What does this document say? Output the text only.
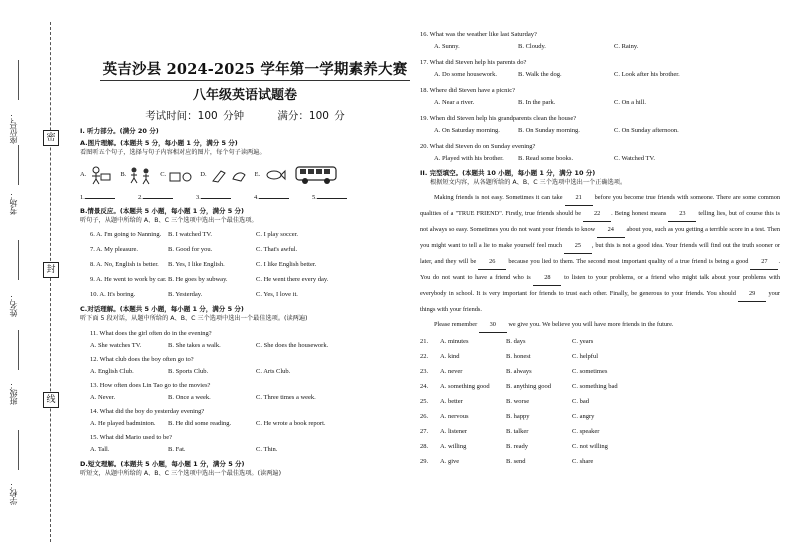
密
封
线
座位号：
考场：
姓名：
班级：
学校：
英吉沙县 2024-2025 学年第一学期素养大赛
八年级英语试题卷
考试时间：100 分钟	满分：100 分
I. 听力部分。(满分 20 分)
A.图片理解。(本题共 5 分，每小题 1 分，满分 5 分)
看图听五个句子，选择与句子内容相对应的图片，每个句子读两遍。
A.	B.	C.	D.	E.
1.	2.	3.	4.	5.
B.情景反应。(本题共 5 小题，每小题 1 分，满分 5 分)
听句子，从题中所给的 A、B、C 三个选项中选出一个最佳选项。
6. A. I'm going to Nanning.	B. I watched TV.	C. I play soccer.
7. A. My pleasure.	B. Good for you.	C. That's awful.
8. A. No, English is better.	B. Yes, I like English.	C. I like English better.
9. A. He went to work by car. B. He goes by subway.	C. He went there every day.
10. A. It's boring.	B. Yesterday.	C. Yes, I love it.
C.对话理解。(本题共 5 小题，每小题 1 分，满分 5 分)
听下面 5 段对话，从题中所给的 A、B、C 三个选项中选出一个最佳选项。(读两遍)
11. What does the girl often do in the evening?
A. She watches TV.	B. She takes a walk.	C. She does the housework.
12. What club does the boy often go to?
A. English Club.	B. Sports Club.	C. Arts Club.
13. How often does Lin Tao go to the movies?
A. Never.	B. Once a week.	C. Three times a week.
14. What did the boy do yesterday evening?
A. He played badminton.	B. He did some reading.	C. He wrote a book report.
15. What did Mario used to be?
A. Tall.	B. Fat.	C. Thin.
D.短文理解。(本题共 5 小题，每小题 1 分，满分 5 分)
听短文，从题中所给的 A、B、C 三个选项中选出一个最佳选项。(读两遍)
16. What was the weather like last Saturday?
A. Sunny.	B. Cloudy.	C. Rainy.
17. What did Steven help his parents do?
A. Do some housework.	B. Walk the dog.	C. Look after his brother.
18. Where did Steven have a picnic?
A. Near a river.	B. In the park.	C. On a hill.
19. When did Steven help his grandparents clean the house?
A. On Saturday morning.	B. On Sunday morning.	C. On Sunday afternoon.
20. What did Steven do on Sunday evening?
A. Played with his brother.	B. Read some books.	C. Watched TV.
II. 完型填空。(本题共 10 小题，每小题 1 分，满分 10 分)
根据短文内容，从各题所给的 A、B、C 三个选项中选出一个正确选项。
Making friends is not easy. Sometimes it can take 21 before you become true friends with someone. There are some common qualities of a "TRUE FRIEND". Firstly, true friends should be 22 . Being honest means 23 telling lies, but of course this is not always so easy. Sometimes you do not want your friends to know 24 about you, such as you getting a terrible score in a test. Then you might want to tell a lie to make yourself feel much 25 , but this is not a good idea. Your friends will find out the truth sooner or later, and they will be 26 because you lied to them. The second most important quality of a true friend is being a good 27 . You do not want to have a friend who is 28 to listen to your problems, or a friend who might talk about your problems with everybody in school. It is very important for friends to trust each other. Finally, be generous to your friends. You should 29 your things with your friends.
Please remember 30 we give you. We believe you will have more friends in the future.
21.	A. minutes	B. days	C. years
22.	A. kind	B. honest	C. helpful
23.	A. never	B. always	C. sometimes
24.	A. something good	B. anything good	C. something bad
25.	A. better	B. worse	C. bad
26.	A. nervous	B. happy	C. angry
27.	A. listener	B. talker	C. speaker
28.	A. willing	B. ready	C. not willing
29.	A. give	B. send	C. share
